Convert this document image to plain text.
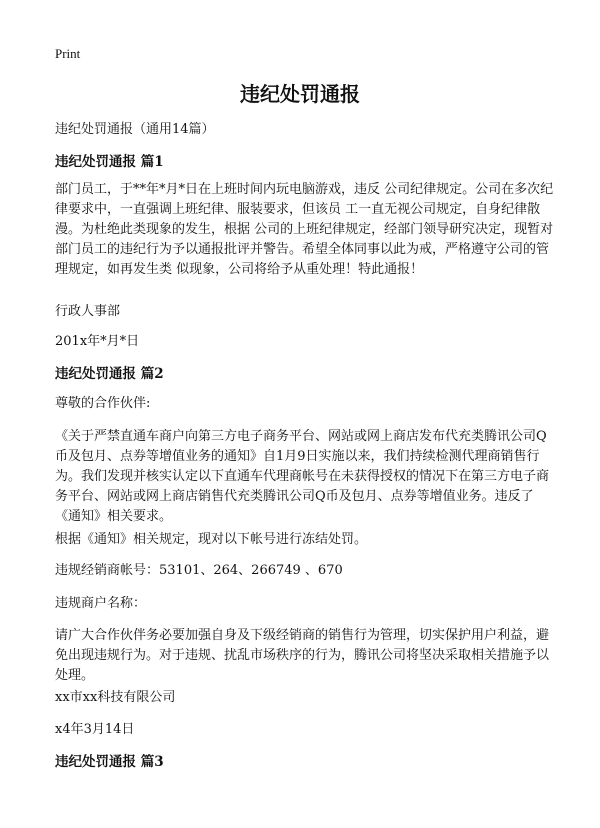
Print
违纪处罚通报

违纪处罚通报（通用14篇）

违纪处罚通报 篇1

部门员工，于**年*月*日在上班时间内玩电脑游戏，违反 公司纪律规定。公司在多次纪律要求中，一直强调上班纪律、服装要求，但该员 工一直无视公司规定，自身纪律散漫。为杜绝此类现象的发生，根据 公司的上班纪律规定，经部门领导研究决定，现暂对部门员工的违纪行为予以通报批评并警告。希望全体同事以此为戒，严格遵守公司的管理规定，如再发生类 似现象，公司将给予从重处理！特此通报！

行政人事部

201x年*月*日

违纪处罚通报 篇2

尊敬的合作伙伴:

《关于严禁直通车商户向第三方电子商务平台、网站或网上商店发布代充类腾讯公司Q币及包月、点券等增值业务的通知》自1月9日实施以来，我们持续检测代理商销售行为。我们发现并核实认定以下直通车代理商帐号在未获得授权的情况下在第三方电子商务平台、网站或网上商店销售代充类腾讯公司Q币及包月、点券等增值业务。违反了《通知》相关要求。

根据《通知》相关规定，现对以下帐号进行冻结处罚。

违规经销商帐号：53101、264、266749 、670

违规商户名称：

请广大合作伙伴务必要加强自身及下级经销商的销售行为管理，切实保护用户利益，避免出现违规行为。对于违规、扰乱市场秩序的行为，腾讯公司将坚决采取相关措施予以处理。

xx市xx科技有限公司

x4年3月14日

违纪处罚通报 篇3
